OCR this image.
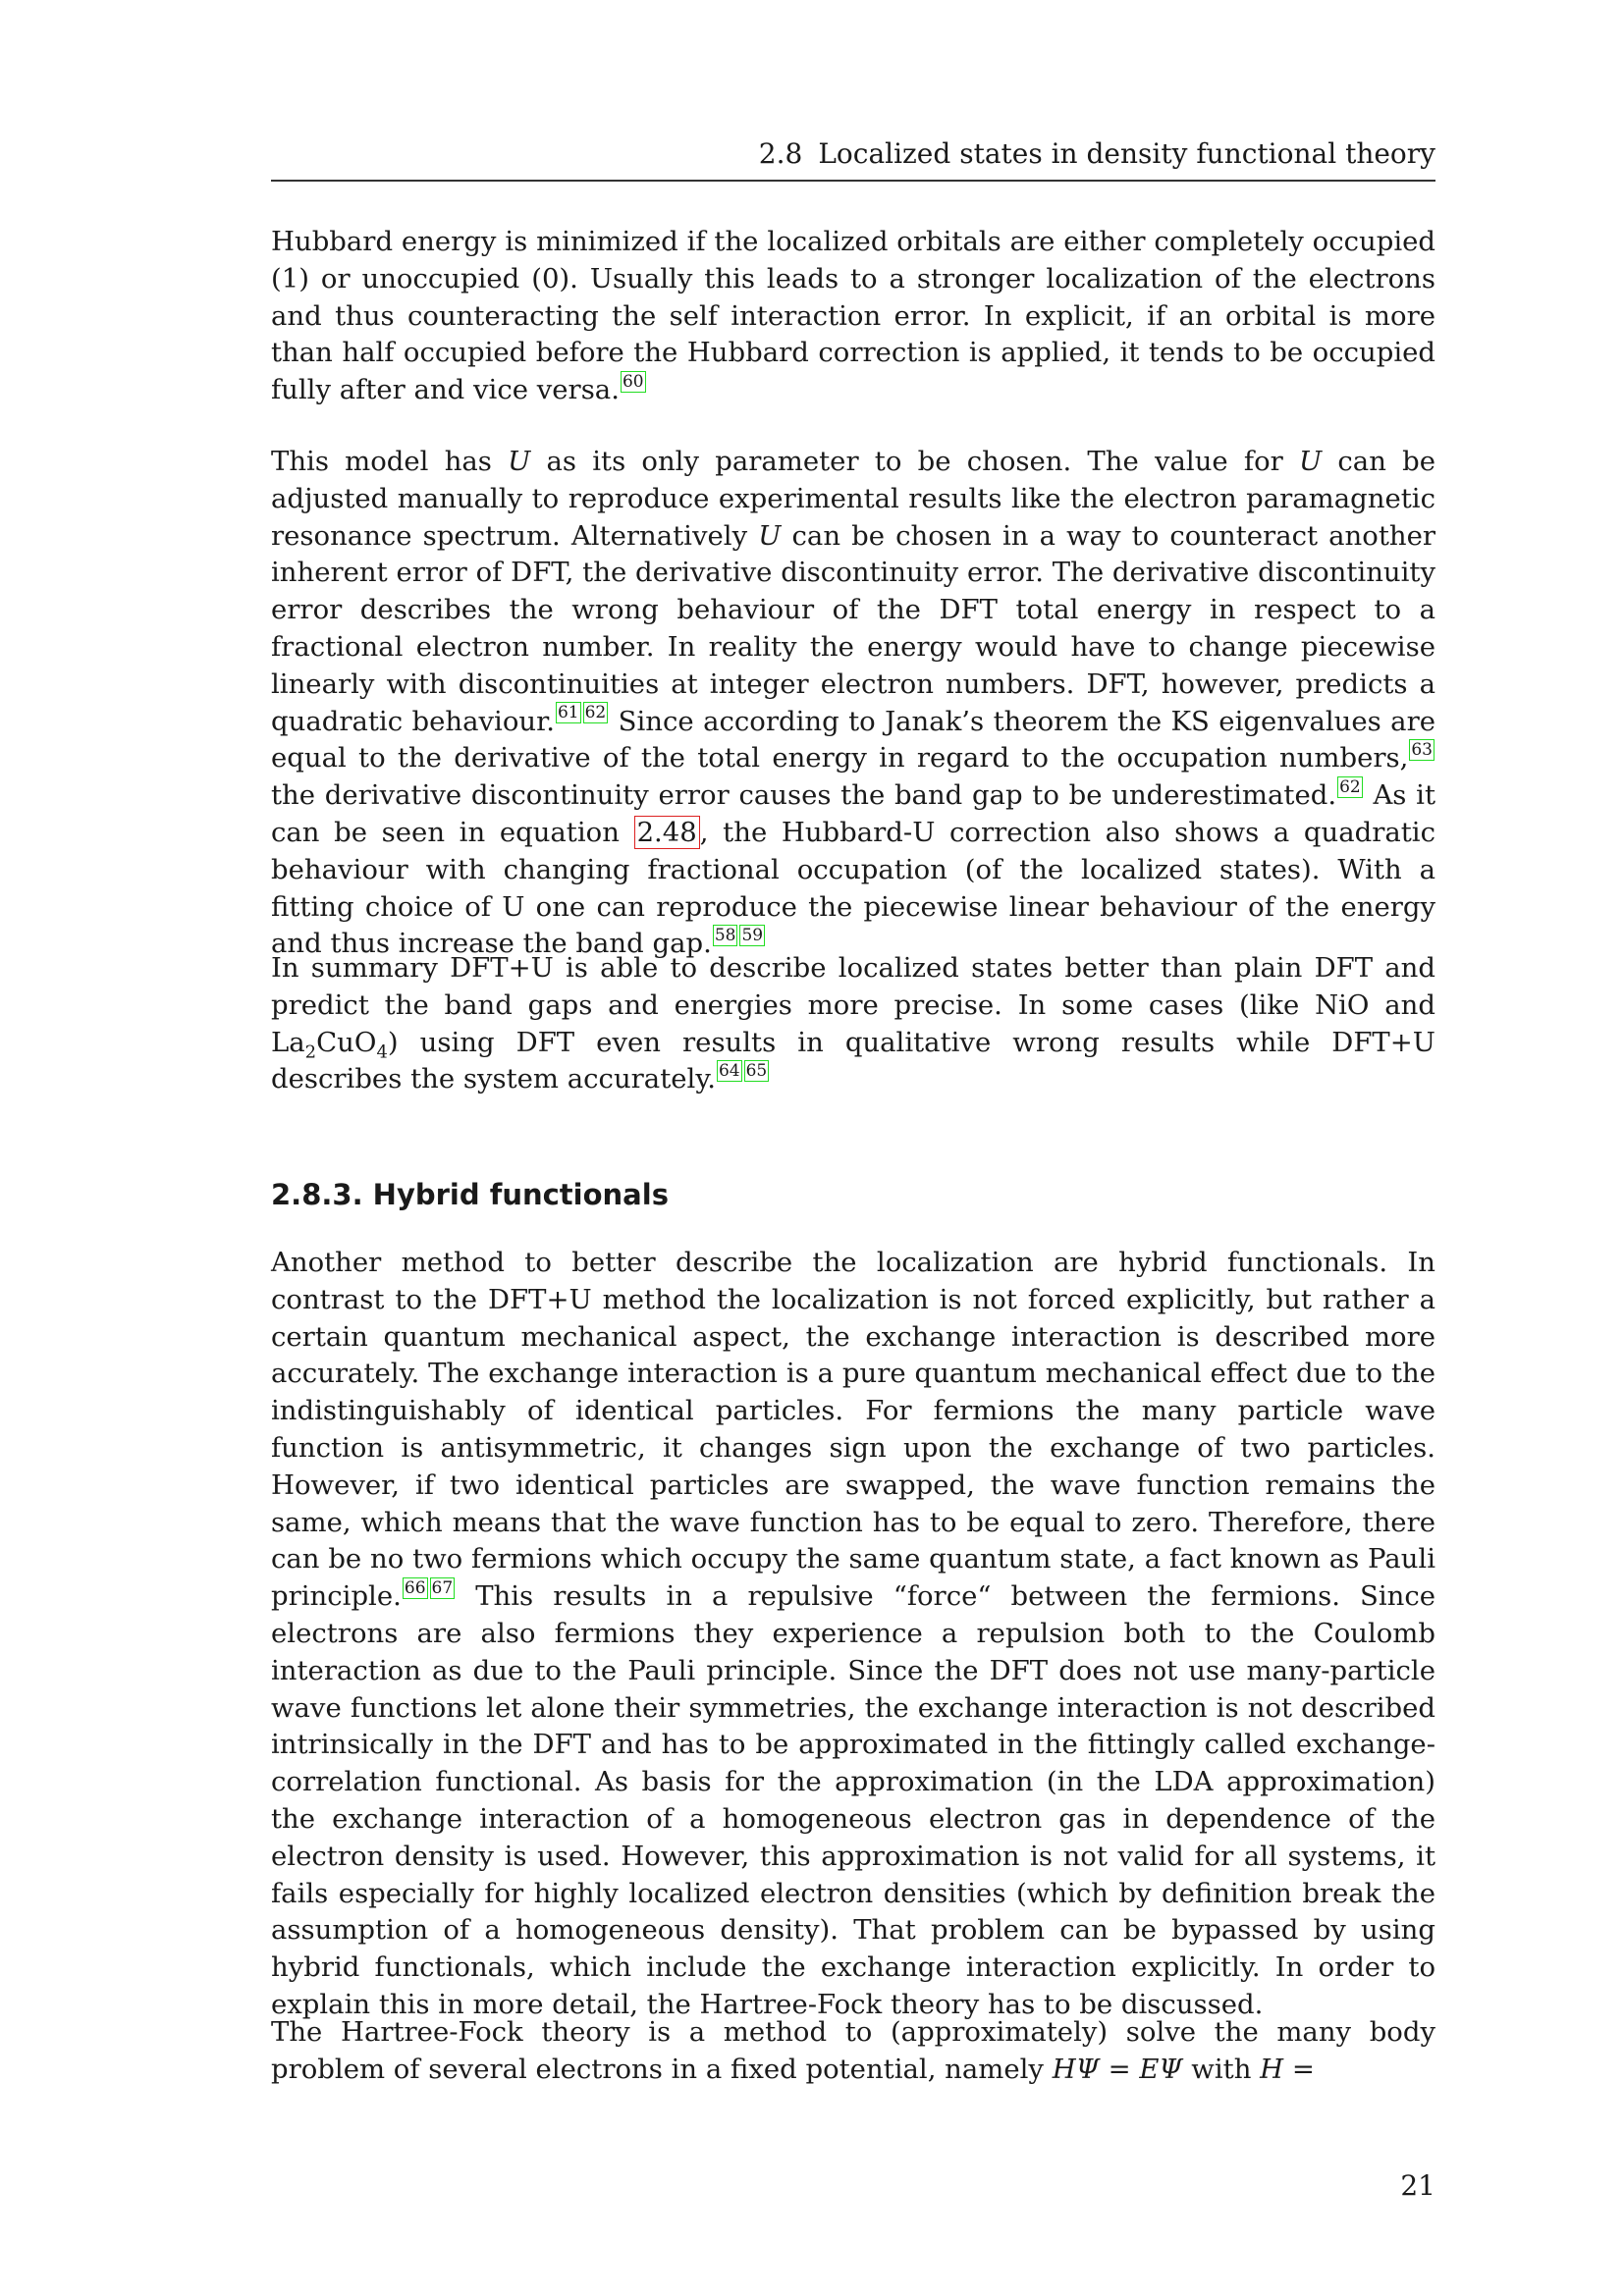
2.8 Localized states in density functional theory

Hubbard energy is minimized if the localized orbitals are either completely occupied (1) or unoccupied (0). Usually this leads to a stronger localization of the electrons and thus counteracting the self interaction error. In explicit, if an orbital is more than half occupied before the Hubbard correction is applied, it tends to be occupied fully after and vice versa. $^{60}$

This model has U as its only parameter to be chosen. The value for U can be adjusted manually to reproduce experimental results like the electron paramagnetic resonance spectrum. Alternatively U can be chosen in a way to counteract another inherent error of DFT, the derivative discontinuity error. The derivative discontinuity error describes the wrong behaviour of the DFT total energy in respect to a fractional electron number. In reality the energy would have to change piecewise linearly with discontinuities at integer electron numbers. DFT, however, predicts a quadratic behaviour. $^{61}$ $^{62}$ Since according to Janak’s theorem the KS eigenvalues are equal to the derivative of the total energy in regard to the occupation numbers, $^{63}$ the derivative discontinuity error causes the band gap to be underestimated. $^{62}$ As it can be seen in equation 2.48 , the Hubbard-U correction also shows a quadratic behaviour with changing fractional occupation (of the localized states). With a fitting choice of U one can reproduce the piecewise linear behaviour of the energy and thus increase the band gap. $^{58}$ $^{59}$

In summary DFT+U is able to describe localized states better than plain DFT and predict the band gaps and energies more precise. In some cases (like NiO and $La_2CuO_4$) using DFT even results in qualitative wrong results while DFT+U describes the system accurately. $^{64}$ $^{65}$

2.8.3. Hybrid functionals

Another method to better describe the localization are hybrid functionals. In contrast to the DFT+U method the localization is not forced explicitly, but rather a certain quantum mechanical aspect, the exchange interaction is described more accurately. The exchange interaction is a pure quantum mechanical effect due to the indistinguishably of identical particles. For fermions the many particle wave function is antisymmetric, it changes sign upon the exchange of two particles. However, if two identical particles are swapped, the wave function remains the same, which means that the wave function has to be equal to zero. Therefore, there can be no two fermions which occupy the same quantum state, a fact known as Pauli principle. $^{66}$ $^{67}$ This results in a repulsive “force“ between the fermions. Since electrons are also fermions they experience a repulsion both to the Coulomb interaction as due to the Pauli principle. Since the DFT does not use many-particle wave functions let alone their symmetries, the exchange interaction is not described intrinsically in the DFT and has to be approximated in the fittingly called exchange-correlation functional. As basis for the approximation (in the LDA approximation) the exchange interaction of a homogeneous electron gas in dependence of the electron density is used. However, this approximation is not valid for all systems, it fails especially for highly localized electron densities (which by definition break the assumption of a homogeneous density). That problem can be bypassed by using hybrid functionals, which include the exchange interaction explicitly. In order to explain this in more detail, the Hartree-Fock theory has to be discussed.

The Hartree-Fock theory is a method to (approximately) solve the many body problem of several electrons in a fixed potential, namely HΨ = EΨ with H =

21
